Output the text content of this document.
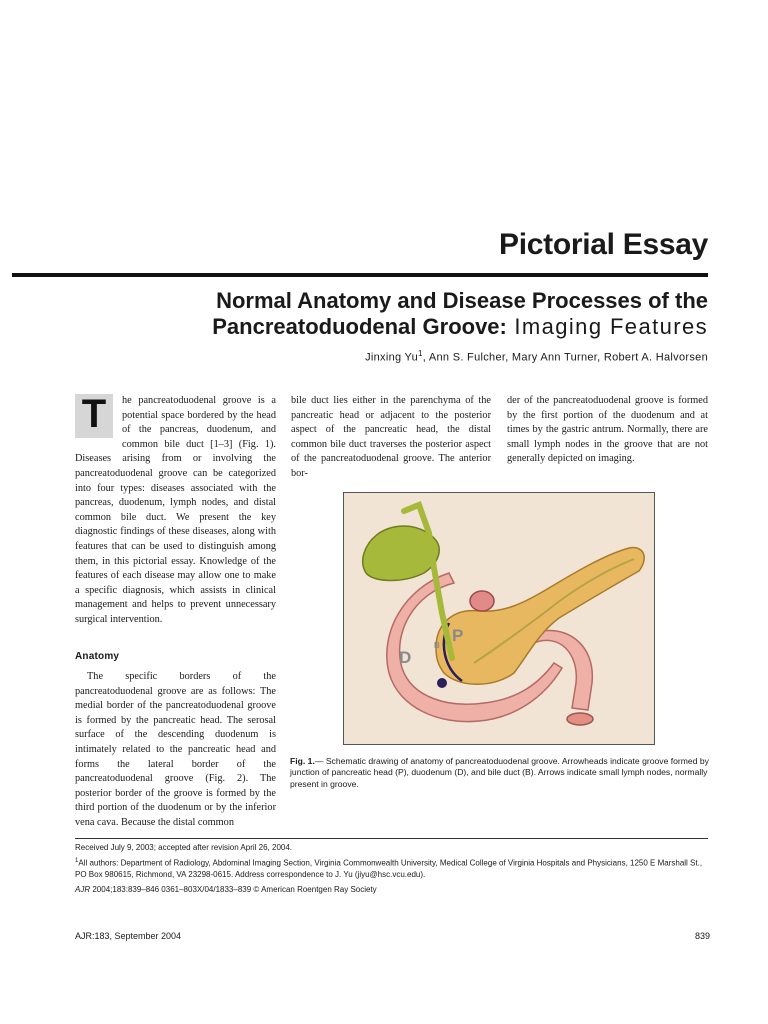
Pictorial Essay
Normal Anatomy and Disease Processes of the
Pancreatoduodenal Groove: Imaging Features
Jinxing Yu$^1$, Ann S. Fulcher, Mary Ann Turner, Robert A. Halvorsen

T	he pancreatoduodenal groove is a potential space bordered by the head of the pancreas, duodenum, and common bile duct [1–3] (Fig. 1). Diseases arising from or involving the pancreatoduodenal groove can be categorized into four types: diseases associated with the pancreas, duodenum, lymph nodes, and distal common bile duct. We present the key diagnostic findings of these diseases, along with features that can be used to distinguish among them, in this pictorial essay. Knowledge of the features of each disease may allow one to make a specific diagnosis, which assists in clinical management and helps to prevent unnecessary surgical intervention.

Anatomy

The specific borders of the pancreatoduodenal groove are as follows: The medial border of the pancreatoduodenal groove is formed by the pancreatic head. The serosal surface of the descending duodenum is intimately related to the pancreatic head and forms the lateral border of the pancreatoduodenal groove (Fig. 2). The posterior border of the groove is formed by the third portion of the duodenum or by the inferior vena cava. Because the distal common

bile duct lies either in the parenchyma of the pancreatic head or adjacent to the posterior aspect of the pancreatic head, the distal common bile duct traverses the posterior aspect of the pancreatoduodenal groove. The anterior bor-

der of the pancreatoduodenal groove is formed by the first portion of the duodenum and at times by the gastric antrum. Normally, there are small lymph nodes in the groove that are not generally depicted on imaging.

D
P
B
Fig. 1.— Schematic drawing of anatomy of pancreatoduodenal groove. Arrowheads indicate groove formed by junction of pancreatic head (P), duodenum (D), and bile duct (B). Arrows indicate small lymph nodes, normally present in groove.
Received July 9, 2003; accepted after revision April 26, 2004.
$^1$All authors: Department of Radiology, Abdominal Imaging Section, Virginia Commonwealth University, Medical College of Virginia Hospitals and Physicians, 1250 E Marshall St., PO Box 980615, Richmond, VA 23298-0615. Address correspondence to J. Yu (jiyu@hsc.vcu.edu).
AJR 2004;183:839–846 0361–803X/04/1833–839 © American Roentgen Ray Society
AJR:183, September 2004	839
